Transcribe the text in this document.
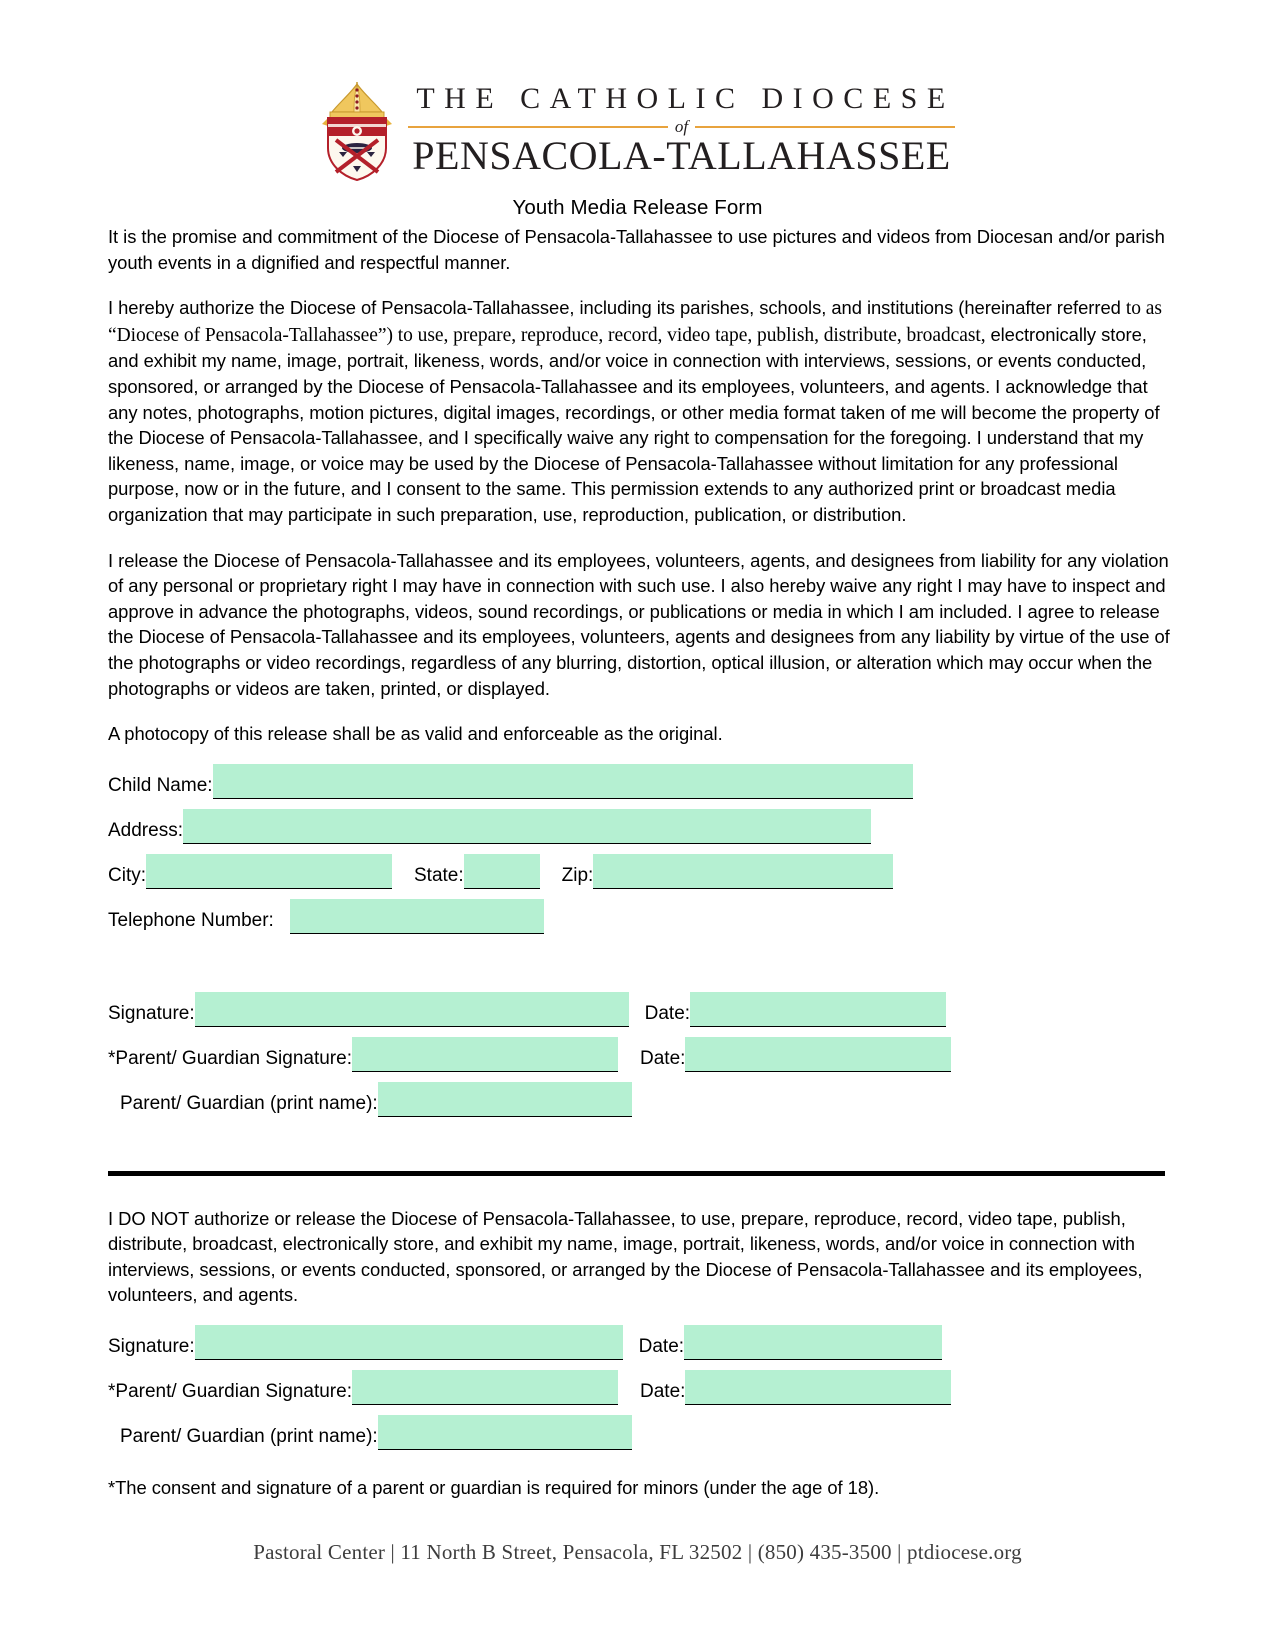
THE CATHOLIC DIOCESE
of
PENSACOLA-TALLAHASSEE
Youth Media Release Form

It is the promise and commitment of the Diocese of Pensacola-Tallahassee to use pictures and videos from Diocesan and/or parish youth events in a dignified and respectful manner.

I hereby authorize the Diocese of Pensacola-Tallahassee, including its parishes, schools, and institutions (hereinafter referred to as “Diocese of Pensacola-Tallahassee”) to use, prepare, reproduce, record, video tape, publish, distribute, broadcast, electronically store, and exhibit my name, image, portrait, likeness, words, and/or voice in connection with interviews, sessions, or events conducted, sponsored, or arranged by the Diocese of Pensacola-Tallahassee and its employees, volunteers, and agents. I acknowledge that any notes, photographs, motion pictures, digital images, recordings, or other media format taken of me will become the property of the Diocese of Pensacola-Tallahassee, and I specifically waive any right to compensation for the foregoing. I understand that my likeness, name, image, or voice may be used by the Diocese of Pensacola-Tallahassee without limitation for any professional purpose, now or in the future, and I consent to the same. This permission extends to any authorized print or broadcast media organization that may participate in such preparation, use, reproduction, publication, or distribution.

I release the Diocese of Pensacola-Tallahassee and its employees, volunteers, agents, and designees from liability for any violation of any personal or proprietary right I may have in connection with such use. I also hereby waive any right I may have to inspect and approve in advance the photographs, videos, sound recordings, or publications or media in which I am included. I agree to release the Diocese of Pensacola-Tallahassee and its employees, volunteers, agents and designees from any liability by virtue of the use of the photographs or video recordings, regardless of any blurring, distortion, optical illusion, or alteration which may occur when the photographs or videos are taken, printed, or displayed.

A photocopy of this release shall be as valid and enforceable as the original.

Child Name:
Address:
City:	State:	Zip:
Telephone Number:
Signature:	Date:
*Parent/ Guardian Signature:	Date:
Parent/ Guardian (print name):

I DO NOT authorize or release the Diocese of Pensacola-Tallahassee, to use, prepare, reproduce, record, video tape, publish, distribute, broadcast, electronically store, and exhibit my name, image, portrait, likeness, words, and/or voice in connection with interviews, sessions, or events conducted, sponsored, or arranged by the Diocese of Pensacola-Tallahassee and its employees, volunteers, and agents.

Signature:	Date:
*Parent/ Guardian Signature:	Date:
Parent/ Guardian (print name):

*The consent and signature of a parent or guardian is required for minors (under the age of 18).

Pastoral Center | 11 North B Street, Pensacola, FL 32502 | (850) 435-3500 | ptdiocese.org
